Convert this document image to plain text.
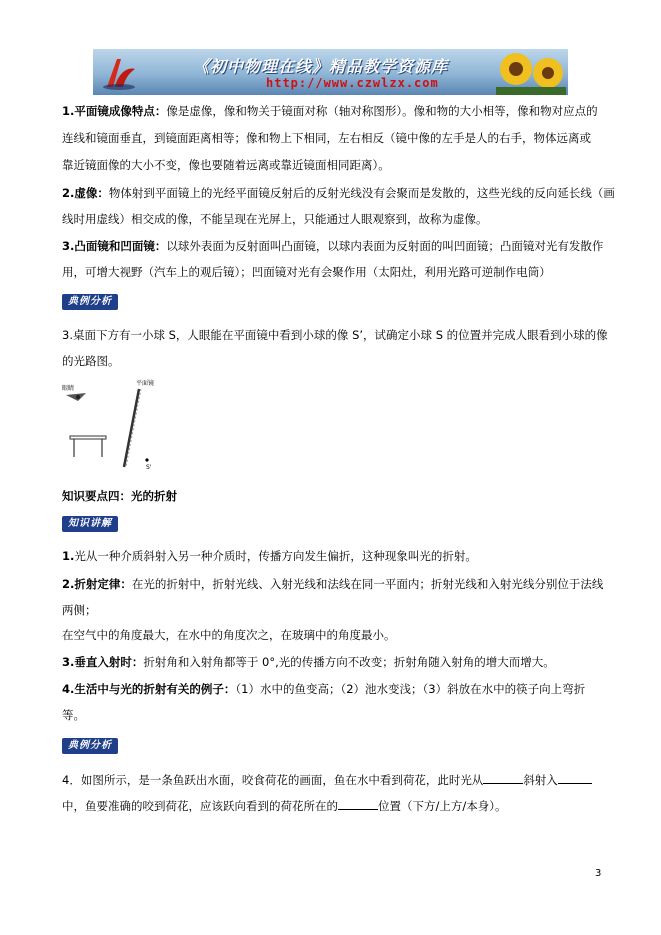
《初中物理在线》精品教学资源库
http://www.czwlzx.com
1.平面镜成像特点：像是虚像，像和物关于镜面对称（轴对称图形）。像和物的大小相等，像和物对应点的
连线和镜面垂直，到镜面距离相等；像和物上下相同，左右相反（镜中像的左手是人的右手，物体远离或
靠近镜面像的大小不变，像也要随着远离或靠近镜面相同距离）。
2.虚像：物体射到平面镜上的光经平面镜反射后的反射光线没有会聚而是发散的，这些光线的反向延长线（画
线时用虚线）相交成的像，不能呈现在光屏上，只能通过人眼观察到，故称为虚像。
3.凸面镜和凹面镜：以球外表面为反射面叫凸面镜，以球内表面为反射面的叫凹面镜；凸面镜对光有发散作
用，可增大视野（汽车上的观后镜）；凹面镜对光有会聚作用（太阳灶，利用光路可逆制作电筒）
典例分析
3.桌面下方有一小球 S，人眼能在平面镜中看到小球的像 S’，试确定小球 S 的位置并完成人眼看到小球的像
的光路图。
眼睛
平面镜
S'
知识要点四：光的折射
知识讲解
1.光从一种介质斜射入另一种介质时，传播方向发生偏折，这种现象叫光的折射。
2.折射定律：在光的折射中，折射光线、入射光线和法线在同一平面内；折射光线和入射光线分别位于法线
两侧；
在空气中的角度最大，在水中的角度次之，在玻璃中的角度最小。
3.垂直入射时：折射角和入射角都等于 0°,光的传播方向不改变；折射角随入射角的增大而增大。
4.生活中与光的折射有关的例子：（1）水中的鱼变高；（2）池水变浅；（3）斜放在水中的筷子向上弯折
等。
典例分析
4．如图所示，是一条鱼跃出水面，咬食荷花的画面，鱼在水中看到荷花，此时光从	斜射入
中，鱼要准确的咬到荷花，应该跃向看到的荷花所在的	位置（下方/上方/本身）。
3
